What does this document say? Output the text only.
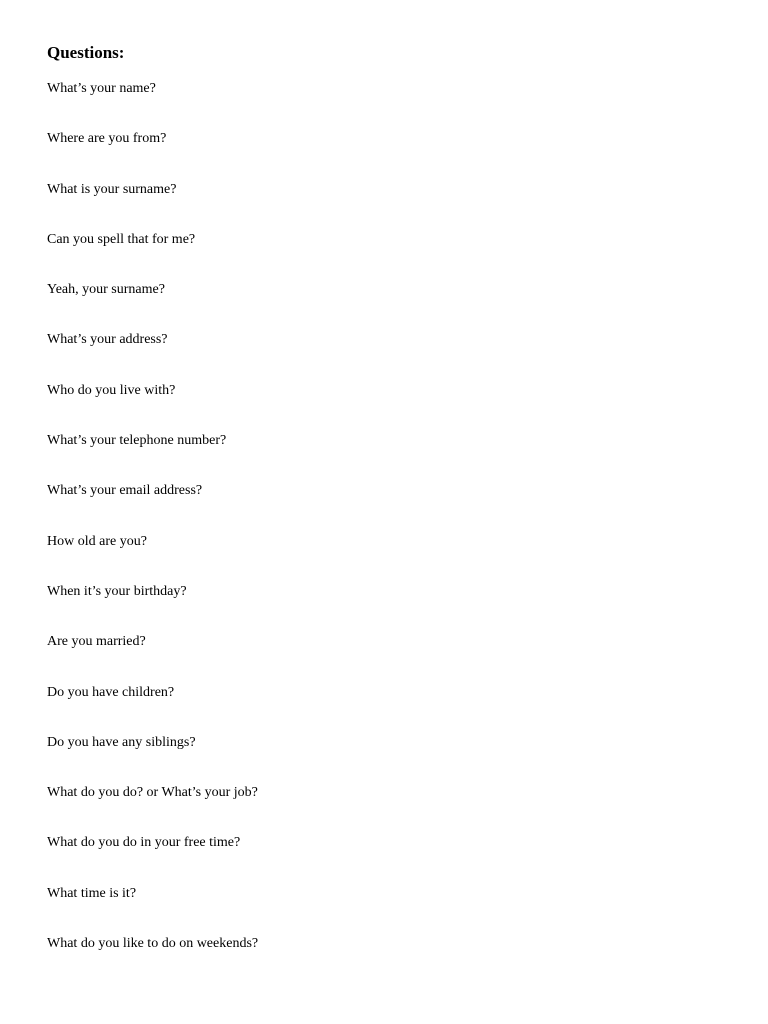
Questions:
What’s your name?
Where are you from?
What is your surname?
Can you spell that for me?
Yeah, your surname?
What’s your address?
Who do you live with?
What’s your telephone number?
What’s your email address?
How old are you?
When it’s your birthday?
Are you married?
Do you have children?
Do you have any siblings?
What do you do? or What’s your job?
What do you do in your free time?
What time is it?
What do you like to do on weekends?
